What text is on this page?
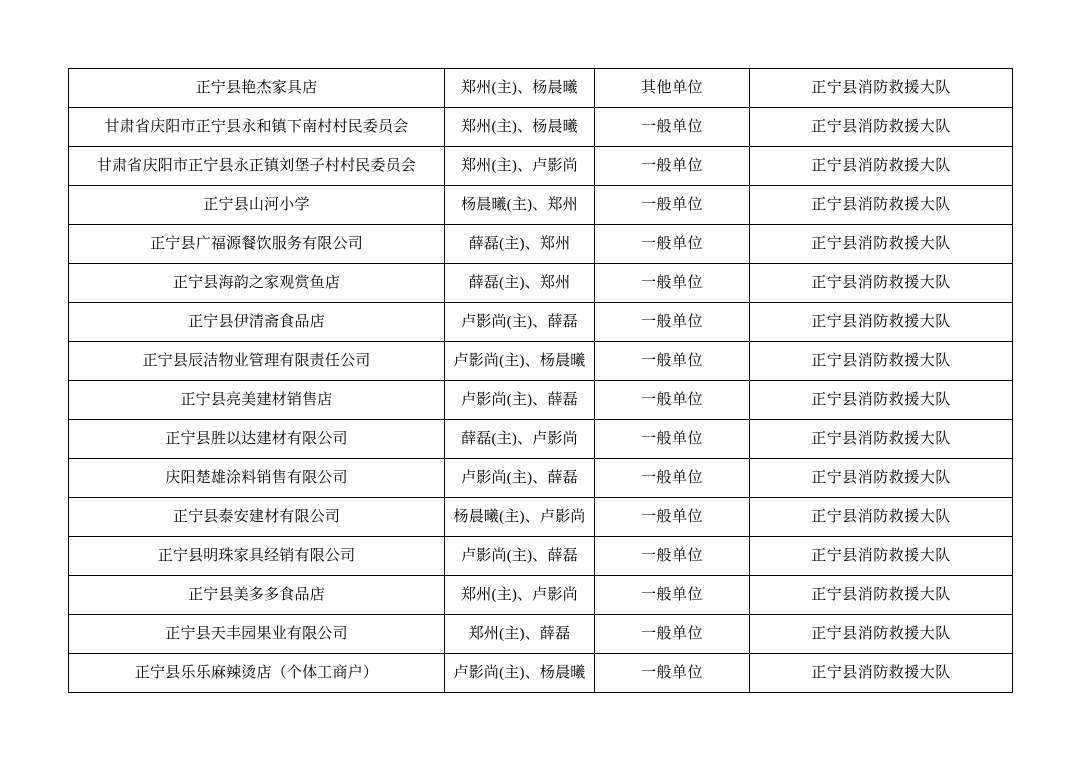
正宁县艳杰家具店	郑州(主)、杨晨曦	其他单位	正宁县消防救援大队
甘肃省庆阳市正宁县永和镇下南村村民委员会	郑州(主)、杨晨曦	一般单位	正宁县消防救援大队
甘肃省庆阳市正宁县永正镇刘堡子村村民委员会	郑州(主)、卢影尚	一般单位	正宁县消防救援大队
正宁县山河小学	杨晨曦(主)、郑州	一般单位	正宁县消防救援大队
正宁县广福源餐饮服务有限公司	薛磊(主)、郑州	一般单位	正宁县消防救援大队
正宁县海韵之家观赏鱼店	薛磊(主)、郑州	一般单位	正宁县消防救援大队
正宁县伊清斋食品店	卢影尚(主)、薛磊	一般单位	正宁县消防救援大队
正宁县辰洁物业管理有限责任公司	卢影尚(主)、杨晨曦	一般单位	正宁县消防救援大队
正宁县亮美建材销售店	卢影尚(主)、薛磊	一般单位	正宁县消防救援大队
正宁县胜以达建材有限公司	薛磊(主)、卢影尚	一般单位	正宁县消防救援大队
庆阳楚雄涂料销售有限公司	卢影尚(主)、薛磊	一般单位	正宁县消防救援大队
正宁县泰安建材有限公司	杨晨曦(主)、卢影尚	一般单位	正宁县消防救援大队
正宁县明珠家具经销有限公司	卢影尚(主)、薛磊	一般单位	正宁县消防救援大队
正宁县美多多食品店	郑州(主)、卢影尚	一般单位	正宁县消防救援大队
正宁县天丰园果业有限公司	郑州(主)、薛磊	一般单位	正宁县消防救援大队
正宁县乐乐麻辣烫店（个体工商户）	卢影尚(主)、杨晨曦	一般单位	正宁县消防救援大队
